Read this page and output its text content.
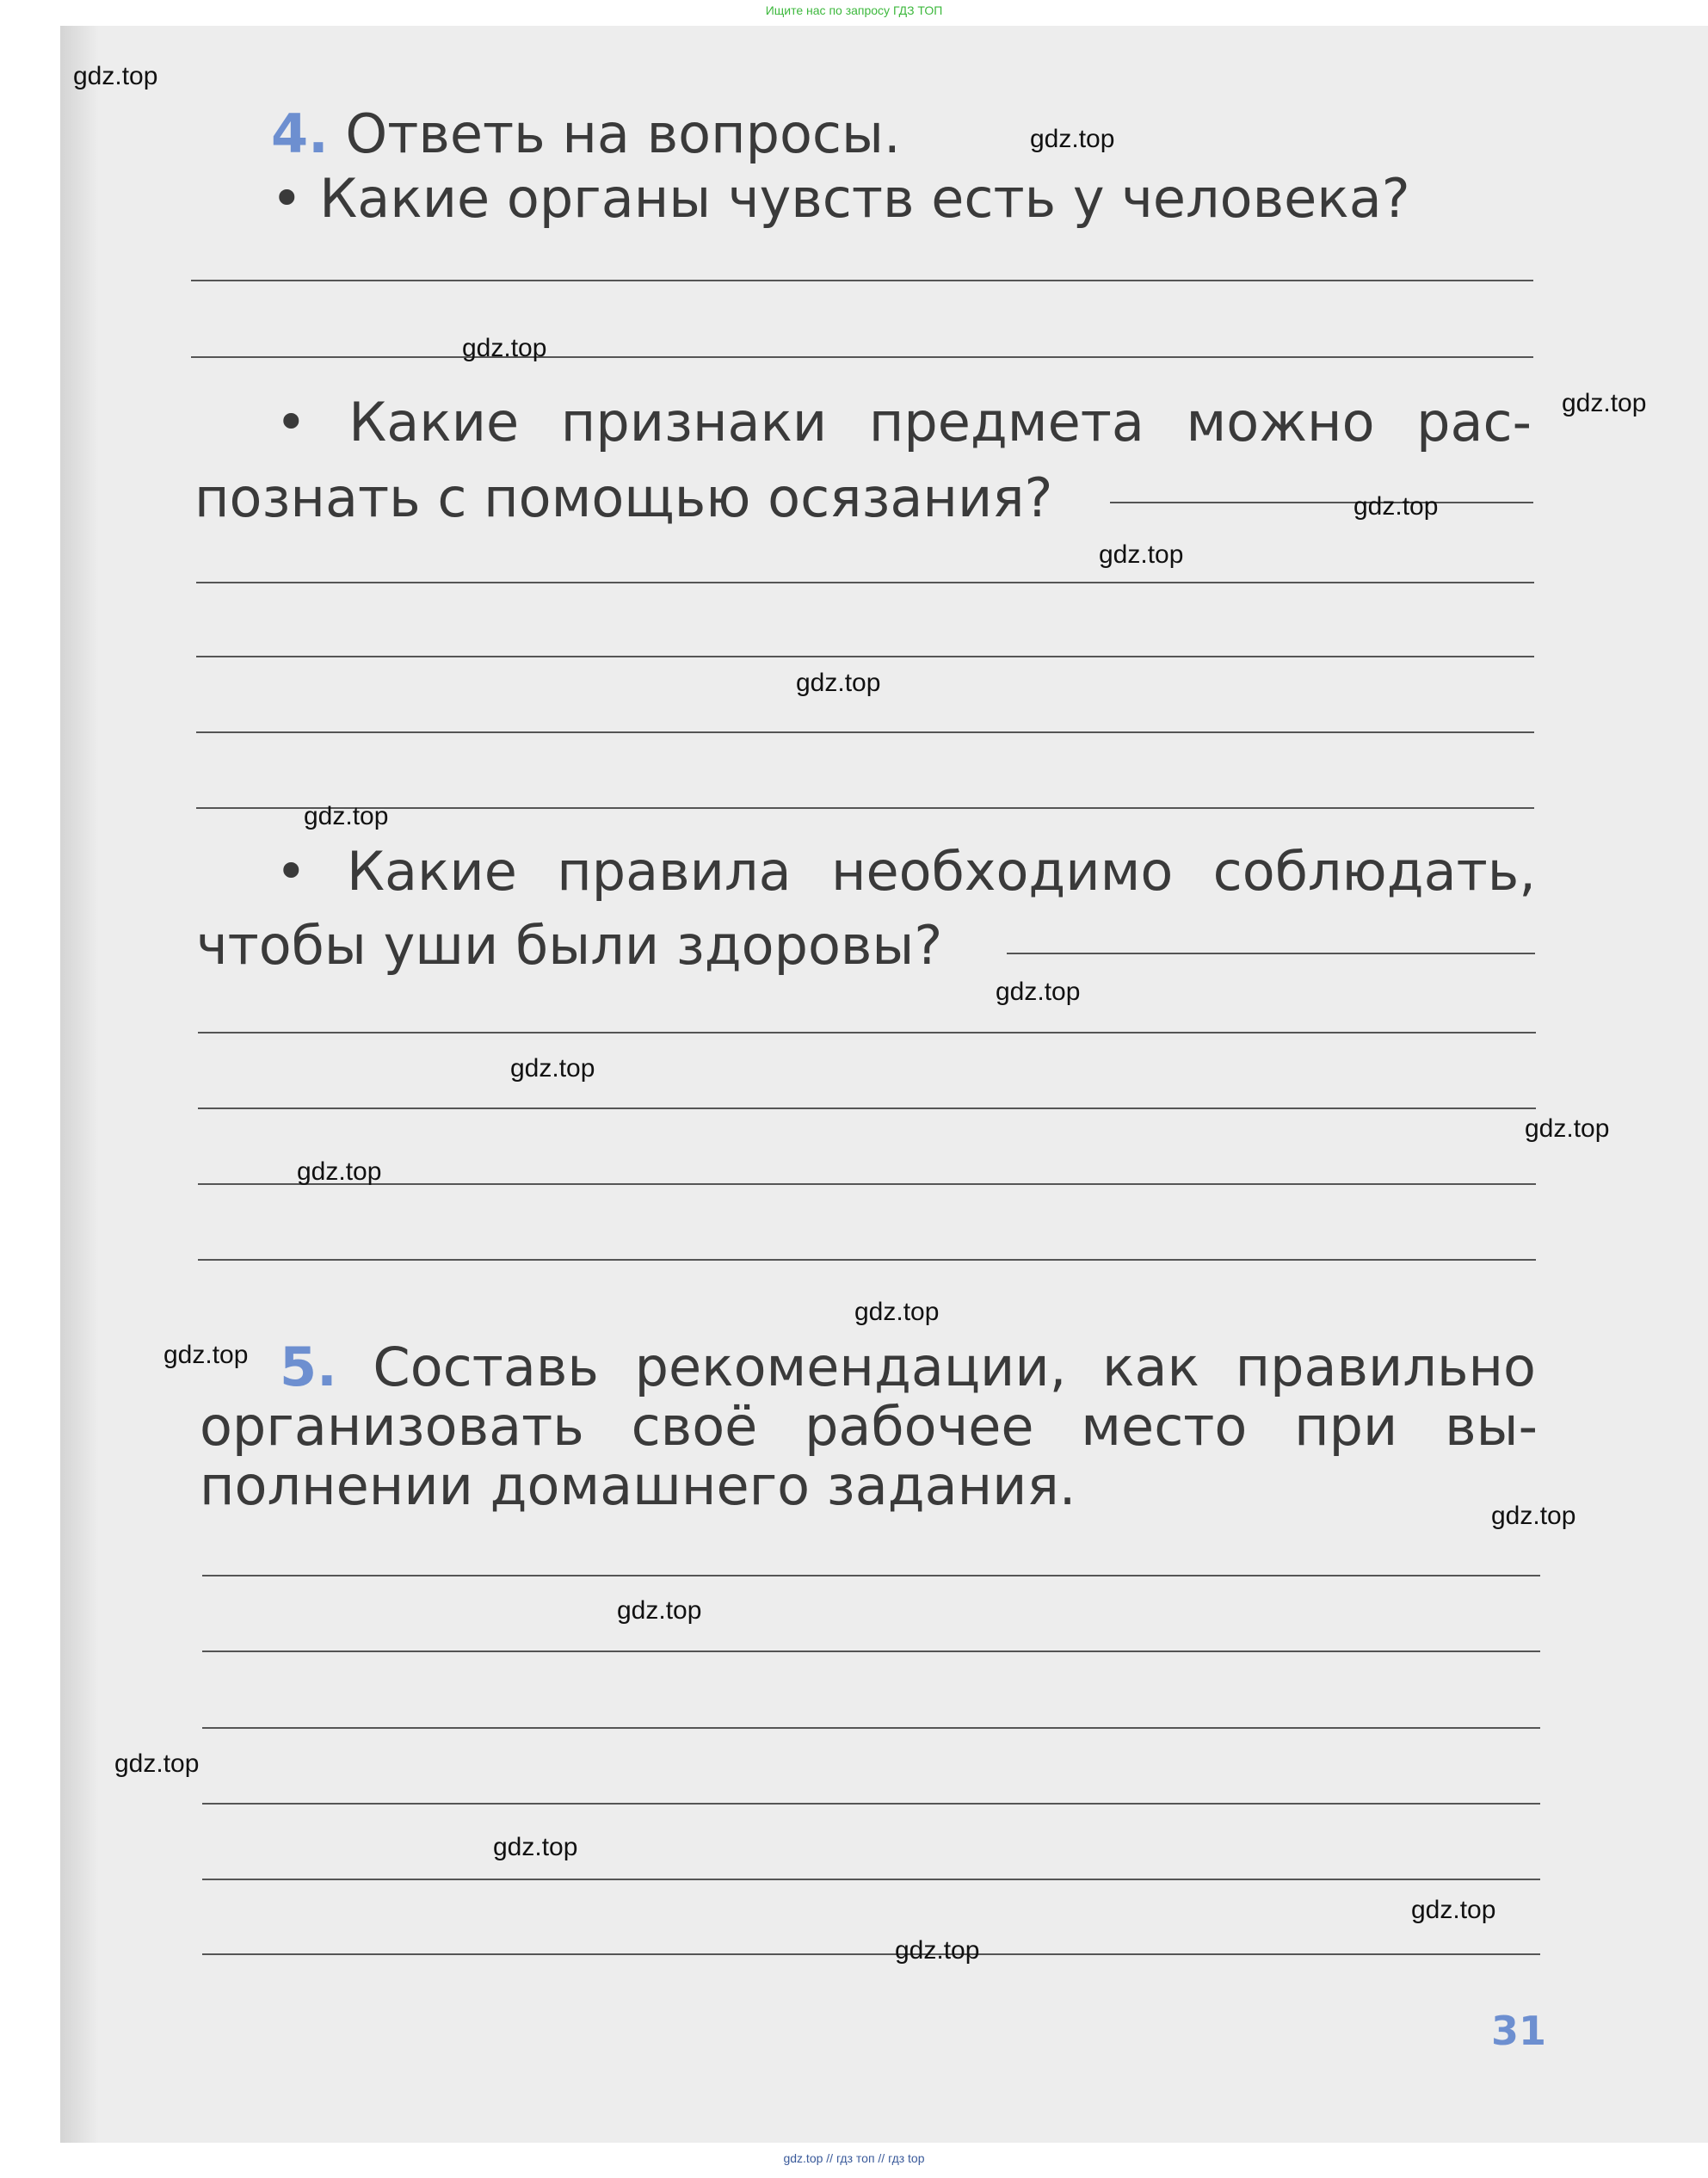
Ищите нас по запросу ГДЗ ТОП
4. Ответь на вопросы.
• Какие органы чувств есть у человека?
• Какие признаки предмета можно рас-
познать с помощью осязания?
• Какие правила необходимо соблюдать,
чтобы уши были здоровы?
5. Составь рекомендации, как правильно
организовать своё рабочее место при вы-
полнении домашнего задания.
31
gdz.top
gdz.top
gdz.top
gdz.top
gdz.top
gdz.top
gdz.top
gdz.top
gdz.top
gdz.top
gdz.top
gdz.top
gdz.top
gdz.top
gdz.top
gdz.top
gdz.top
gdz.top
gdz.top
gdz.top
gdz.top // гдз топ // гдз top
